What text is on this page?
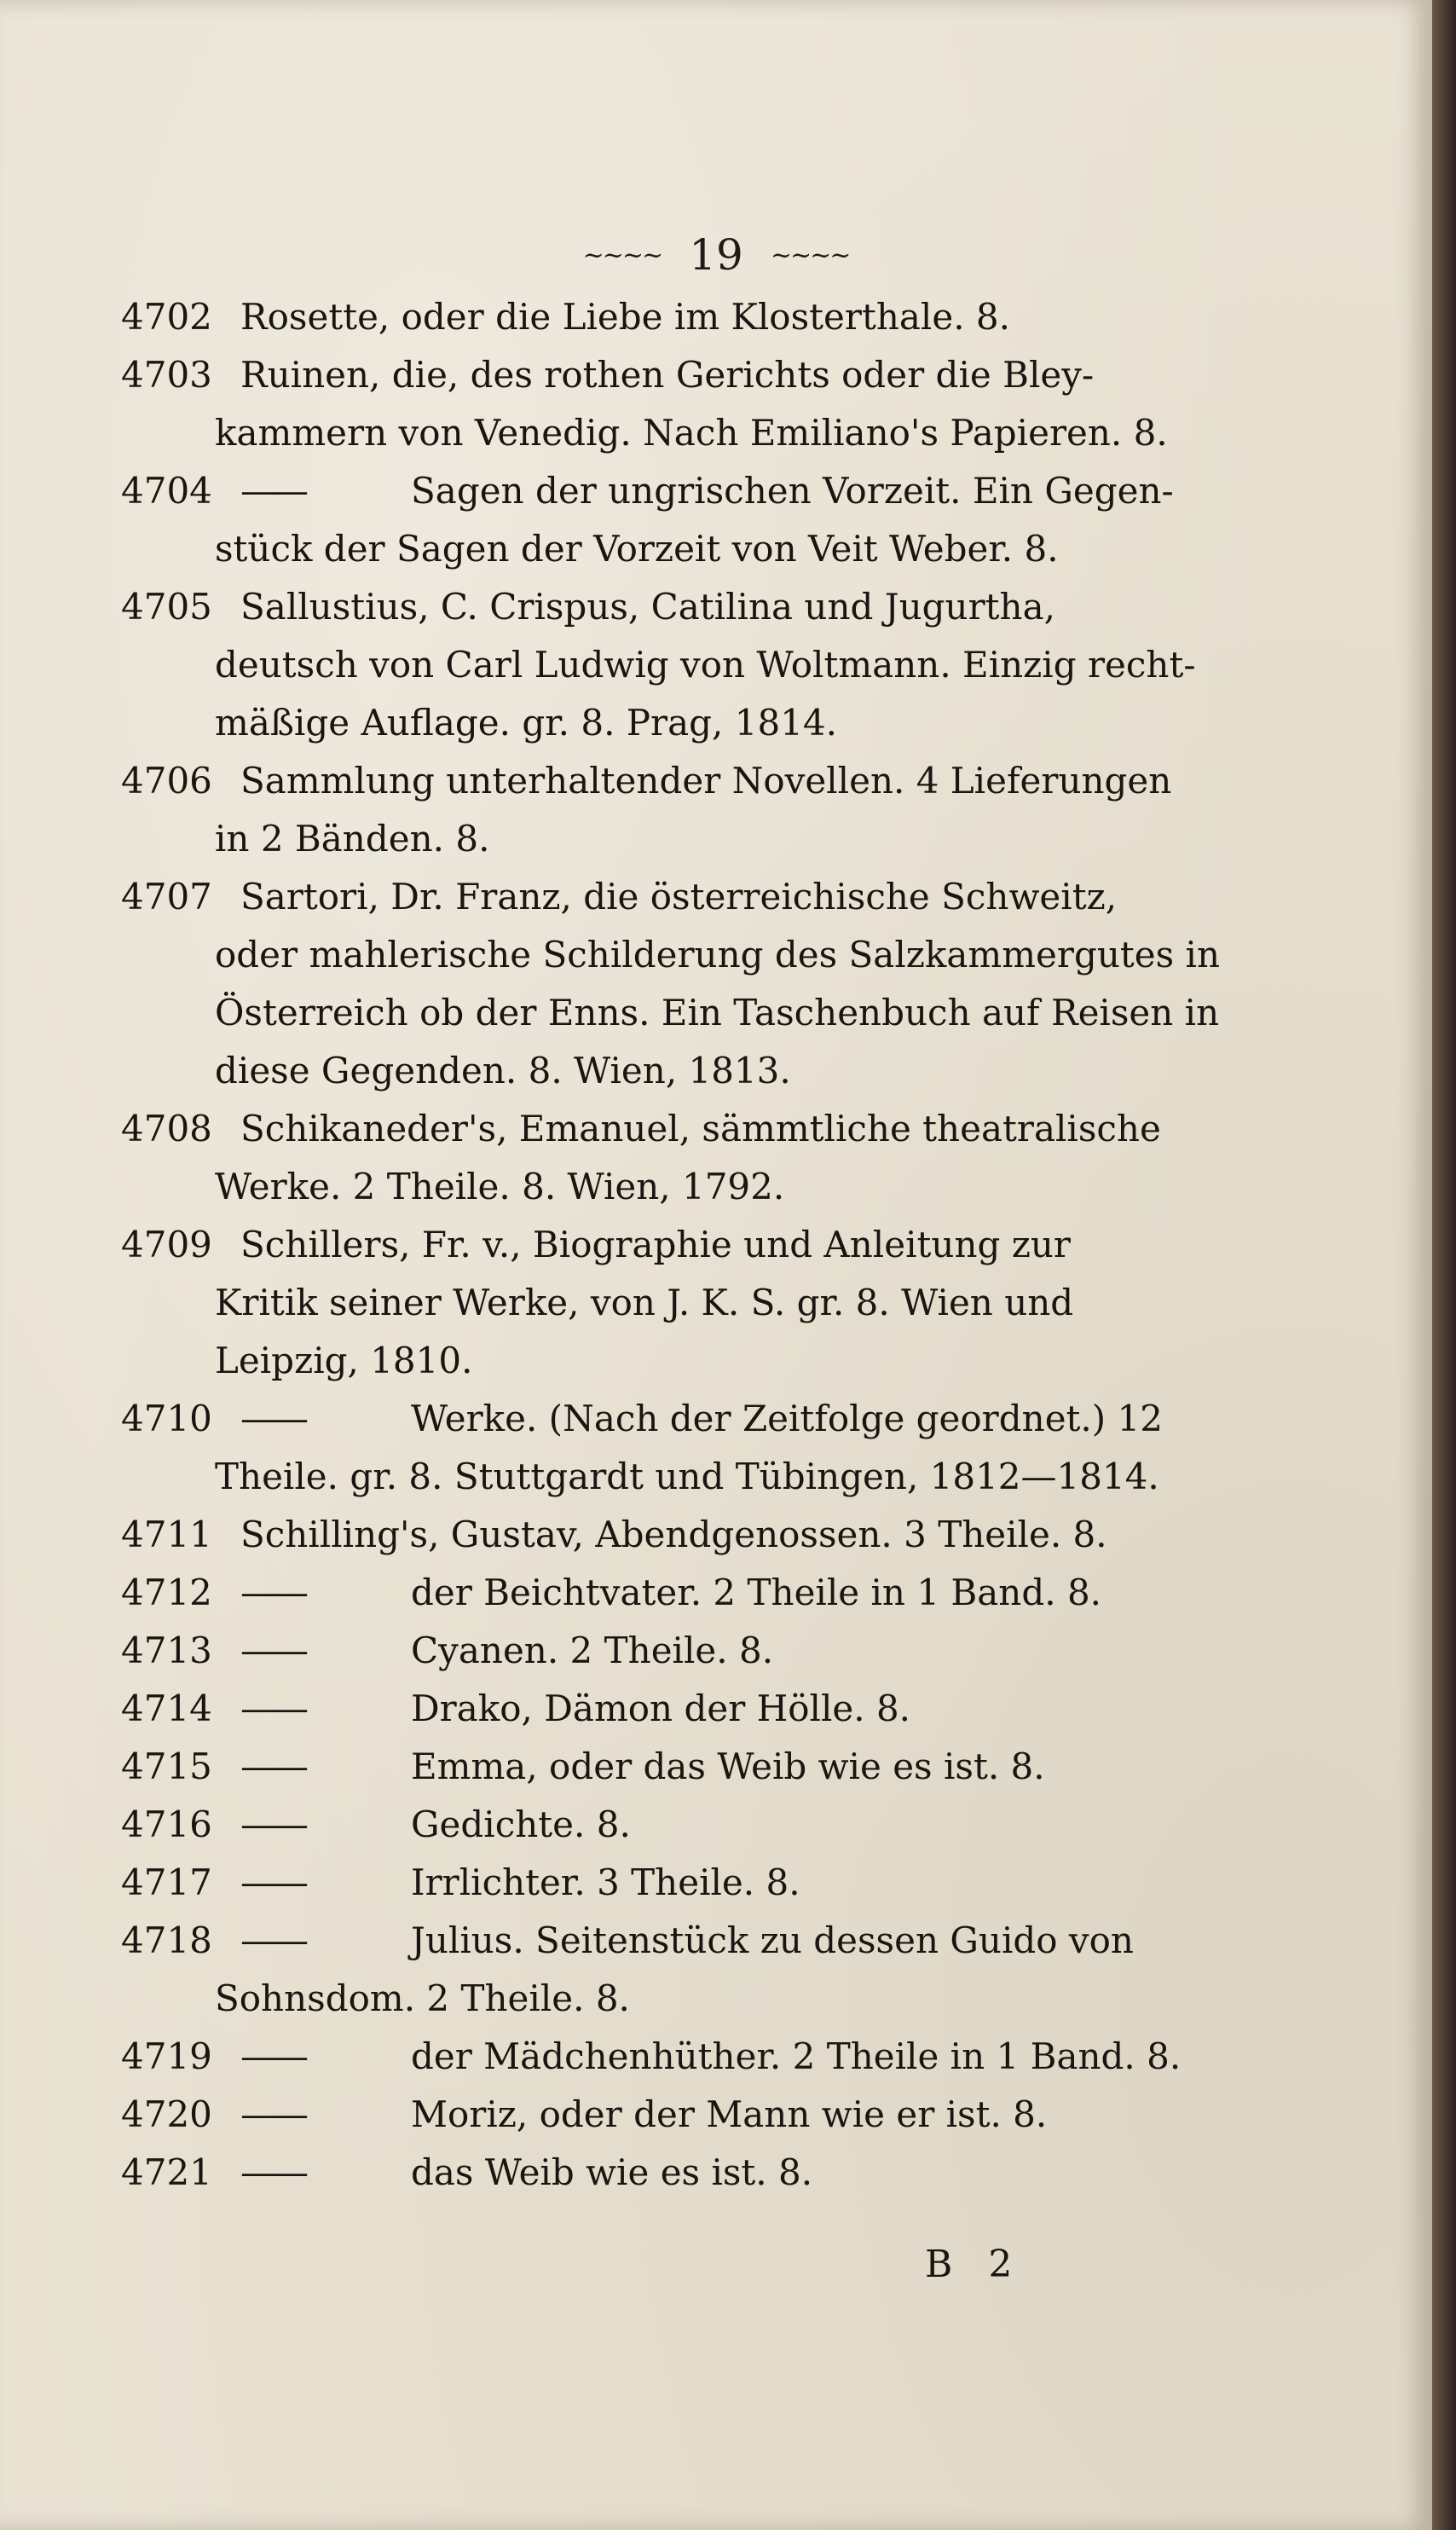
~~~~ 19 ~~~~
4702 Rosette, oder die Liebe im Klosterthale. 8.
4703 Ruinen, die, des rothen Gerichts oder die Bley-
kammern von Venedig. Nach Emiliano's Papieren. 8.
4704 ——	Sagen der ungrischen Vorzeit. Ein Gegen-
stück der Sagen der Vorzeit von Veit Weber. 8.
4705 Sallustius, C. Crispus, Catilina und Jugurtha,
deutsch von Carl Ludwig von Woltmann. Einzig recht-
mäßige Auflage. gr. 8. Prag, 1814.
4706 Sammlung unterhaltender Novellen. 4 Lieferungen
in 2 Bänden. 8.
4707 Sartori, Dr. Franz, die österreichische Schweitz,
oder mahlerische Schilderung des Salzkammergutes in
Österreich ob der Enns. Ein Taschenbuch auf Reisen in
diese Gegenden. 8. Wien, 1813.
4708 Schikaneder's, Emanuel, sämmtliche theatralische
Werke. 2 Theile. 8. Wien, 1792.
4709 Schillers, Fr. v., Biographie und Anleitung zur
Kritik seiner Werke, von J. K. S. gr. 8. Wien und
Leipzig, 1810.
4710 ——	Werke. (Nach der Zeitfolge geordnet.) 12
Theile. gr. 8. Stuttgardt und Tübingen, 1812—1814.
4711 Schilling's, Gustav, Abendgenossen. 3 Theile. 8.
4712 ——	der Beichtvater. 2 Theile in 1 Band. 8.
4713 ——	Cyanen. 2 Theile. 8.
4714 ——	Drako, Dämon der Hölle. 8.
4715 ——	Emma, oder das Weib wie es ist. 8.
4716 ——	Gedichte. 8.
4717 ——	Irrlichter. 3 Theile. 8.
4718 ——	Julius. Seitenstück zu dessen Guido von
Sohnsdom. 2 Theile. 8.
4719 ——	der Mädchenhüther. 2 Theile in 1 Band. 8.
4720 ——	Moriz, oder der Mann wie er ist. 8.
4721 ——	das Weib wie es ist. 8.
B 2
